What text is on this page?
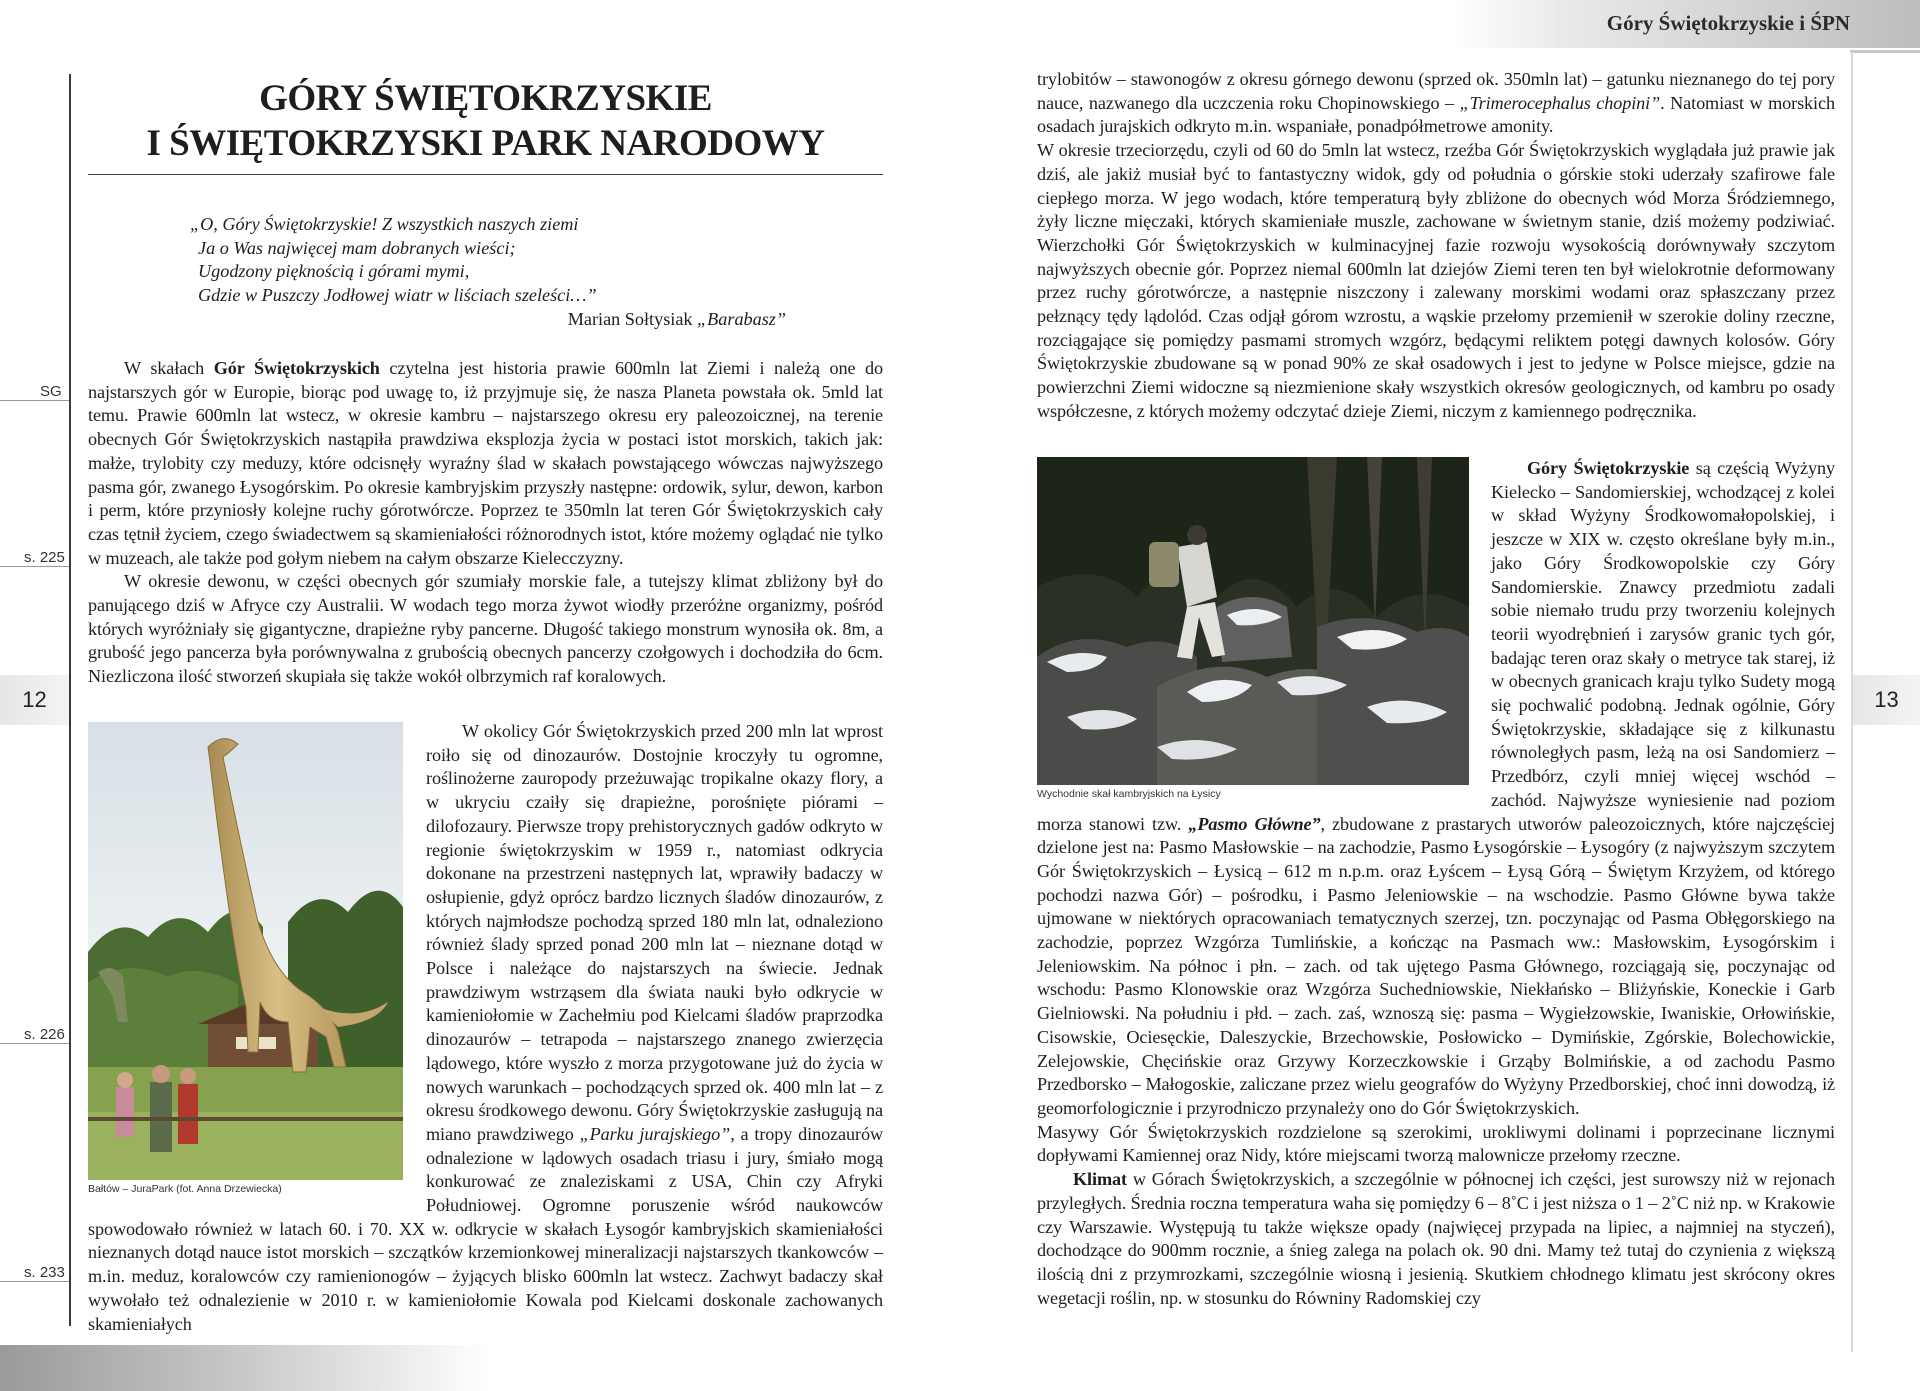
Góry Świętokrzyskie i ŚPN
SG
s. 225
s. 226
s. 233
12	13
GÓRY ŚWIĘTOKRZYSKIE
I ŚWIĘTOKRZYSKI PARK NARODOWY
„O, Góry Świętokrzyskie! Z wszystkich naszych ziemi
Ja o Was najwięcej mam dobranych wieści;
Ugodzony pięknością i górami mymi,
Gdzie w Puszczy Jodłowej wiatr w liściach szeleści…”
Marian Sołtysiak „Barabasz”

W skałach Gór Świętokrzyskich czytelna jest historia prawie 600mln lat Ziemi i należą one do najstarszych gór w Europie, biorąc pod uwagę to, iż przyjmuje się, że nasza Planeta powstała ok. 5mld lat temu. Prawie 600mln lat wstecz, w okresie kambru – najstarszego okresu ery paleozoicznej, na terenie obecnych Gór Świętokrzyskich nastąpiła prawdziwa eksplozja życia w postaci istot morskich, takich jak: małże, trylobity czy meduzy, które odcisnęły wyraźny ślad w skałach powstającego wówczas najwyższego pasma gór, zwanego Łysogórskim. Po okresie kambryjskim przyszły następne: ordowik, sylur, dewon, karbon i perm, które przyniosły kolejne ruchy górotwórcze. Poprzez te 350mln lat teren Gór Świętokrzyskich cały czas tętnił życiem, czego świadectwem są skamieniałości różnorodnych istot, które możemy oglądać nie tylko w muzeach, ale także pod gołym niebem na całym obszarze Kielecczyzny.

W okresie dewonu, w części obecnych gór szumiały morskie fale, a tutejszy klimat zbliżony był do panującego dziś w Afryce czy Australii. W wodach tego morza żywot wiodły przeróżne organizmy, pośród których wyróżniały się gigantyczne, drapieżne ryby pancerne. Długość takiego monstrum wynosiła ok. 8m, a grubość jego pancerza była porównywalna z grubością obecnych pancerzy czołgowych i dochodziła do 6cm. Niezliczona ilość stworzeń skupiała się także wokół olbrzymich raf koralowych.

Bałtów – JuraPark (fot. Anna Drzewiecka)

W okolicy Gór Świętokrzyskich przed 200 mln lat wprost roiło się od dinozaurów. Dostojnie kroczyły tu ogromne, roślinożerne zauropody przeżuwając tropikalne okazy flory, a w ukryciu czaiły się drapieżne, porośnięte piórami – dilofozaury. Pierwsze tropy prehistorycznych gadów odkryto w regionie świętokrzyskim w 1959 r., natomiast odkrycia dokonane na przestrzeni następnych lat, wprawiły badaczy w osłupienie, gdyż oprócz bardzo licznych śladów dinozaurów, z których najmłodsze pochodzą sprzed 180 mln lat, odnaleziono również ślady sprzed ponad 200 mln lat – nieznane dotąd w Polsce i należące do najstarszych na świecie. Jednak prawdziwym wstrząsem dla świata nauki było odkrycie w kamieniołomie w Zachełmiu pod Kielcami śladów praprzodka dinozaurów – tetrapoda – najstarszego znanego zwierzęcia lądowego, które wyszło z morza przygotowane już do życia w nowych warunkach – pochodzących sprzed ok. 400 mln lat – z okresu środkowego dewonu. Góry Świętokrzyskie zasługują na miano prawdziwego „Parku jurajskiego”, a tropy dinozaurów odnalezione w lądowych osadach triasu i jury, śmiało mogą konkurować ze znaleziskami z USA, Chin czy Afryki Południowej. Ogromne poruszenie wśród naukowców spowodowało również w latach 60. i 70. XX w. odkrycie w skałach Łysogór kambryjskich skamieniałości nieznanych dotąd nauce istot morskich – szczątków krzemionkowej mineralizacji najstarszych tkankowców – m.in. meduz, koralowców czy ramienionogów – żyjących blisko 600mln lat wstecz. Zachwyt badaczy skał wywołało też odnalezienie w 2010 r. w kamieniołomie Kowala pod Kielcami doskonale zachowanych skamieniałych

trylobitów – stawonogów z okresu górnego dewonu (sprzed ok. 350mln lat) – gatunku nieznanego do tej pory nauce, nazwanego dla uczczenia roku Chopinowskiego – „Trimerocephalus chopini”. Natomiast w morskich osadach jurajskich odkryto m.in. wspaniałe, ponadpółmetrowe amonity.

W okresie trzeciorzędu, czyli od 60 do 5mln lat wstecz, rzeźba Gór Świętokrzyskich wyglądała już prawie jak dziś, ale jakiż musiał być to fantastyczny widok, gdy od południa o górskie stoki uderzały szafirowe fale ciepłego morza. W jego wodach, które temperaturą były zbliżone do obecnych wód Morza Śródziemnego, żyły liczne mięczaki, których skamieniałe muszle, zachowane w świetnym stanie, dziś możemy podziwiać. Wierzchołki Gór Świętokrzyskich w kulminacyjnej fazie rozwoju wysokością dorównywały szczytom najwyższych obecnie gór. Poprzez niemal 600mln lat dziejów Ziemi teren ten był wielokrotnie deformowany przez ruchy górotwórcze, a następnie niszczony i zalewany morskimi wodami oraz spłaszczany przez pełznący tędy lądolód. Czas odjął górom wzrostu, a wąskie przełomy przemienił w szerokie doliny rzeczne, rozciągające się pomiędzy pasmami stromych wzgórz, będącymi reliktem potęgi dawnych kolosów. Góry Świętokrzyskie zbudowane są w ponad 90% ze skał osadowych i jest to jedyne w Polsce miejsce, gdzie na powierzchni Ziemi widoczne są niezmienione skały wszystkich okresów geologicznych, od kambru po osady współczesne, z których możemy odczytać dzieje Ziemi, niczym z kamiennego podręcznika.

Wychodnie skał kambryjskich na Łysicy

Góry Świętokrzyskie są częścią Wyżyny Kielecko – Sandomierskiej, wchodzącej z kolei w skład Wyżyny Środkowomałopolskiej, i jeszcze w XIX w. często określane były m.in., jako Góry Środkowopolskie czy Góry Sandomierskie. Znawcy przedmiotu zadali sobie niemało trudu przy tworzeniu kolejnych teorii wyodrębnień i zarysów granic tych gór, badając teren oraz skały o metryce tak starej, iż w obecnych granicach kraju tylko Sudety mogą się pochwalić podobną. Jednak ogólnie, Góry Świętokrzyskie, składające się z kilkunastu równoległych pasm, leżą na osi Sandomierz – Przedbórz, czyli mniej więcej wschód – zachód. Najwyższe wyniesienie nad poziom morza stanowi tzw. „Pasmo Główne”, zbudowane z prastarych utworów paleozoicznych, które najczęściej dzielone jest na: Pasmo Masłowskie – na zachodzie, Pasmo Łysogórskie – Łysogóry (z najwyższym szczytem Gór Świętokrzyskich – Łysicą – 612 m n.p.m. oraz Łyścem – Łysą Górą – Świętym Krzyżem, od którego pochodzi nazwa Gór) – pośrodku, i Pasmo Jeleniowskie – na wschodzie. Pasmo Główne bywa także ujmowane w niektórych opracowaniach tematycznych szerzej, tzn. poczynając od Pasma Obłęgorskiego na zachodzie, poprzez Wzgórza Tumlińskie, a kończąc na Pasmach ww.: Masłowskim, Łysogórskim i Jeleniowskim. Na północ i płn. – zach. od tak ujętego Pasma Głównego, rozciągają się, poczynając od wschodu: Pasmo Klonowskie oraz Wzgórza Suchedniowskie, Niekłańsko – Bliżyńskie, Koneckie i Garb Gielniowski. Na południu i płd. – zach. zaś, wznoszą się: pasma – Wygiełzowskie, Iwaniskie, Orłowińskie, Cisowskie, Ociesęckie, Daleszyckie, Brzechowskie, Posłowicko – Dymińskie, Zgórskie, Bolechowickie, Zelejowskie, Chęcińskie oraz Grzywy Korzeczkowskie i Grząby Bolmińskie, a od zachodu Pasmo Przedborsko – Małogoskie, zaliczane przez wielu geografów do Wyżyny Przedborskiej, choć inni dowodzą, iż geomorfologicznie i przyrodniczo przynależy ono do Gór Świętokrzyskich.

Masywy Gór Świętokrzyskich rozdzielone są szerokimi, urokliwymi dolinami i poprzecinane licznymi dopływami Kamiennej oraz Nidy, które miejscami tworzą malownicze przełomy rzeczne.

Klimat w Górach Świętokrzyskich, a szczególnie w północnej ich części, jest surowszy niż w rejonach przyległych. Średnia roczna temperatura waha się pomiędzy 6 – 8˚C i jest niższa o 1 – 2˚C niż np. w Krakowie czy Warszawie. Występują tu także większe opady (najwięcej przypada na lipiec, a najmniej na styczeń), dochodzące do 900mm rocznie, a śnieg zalega na polach ok. 90 dni. Mamy też tutaj do czynienia z większą ilością dni z przymrozkami, szczególnie wiosną i jesienią. Skutkiem chłodnego klimatu jest skrócony okres wegetacji roślin, np. w stosunku do Równiny Radomskiej czy
